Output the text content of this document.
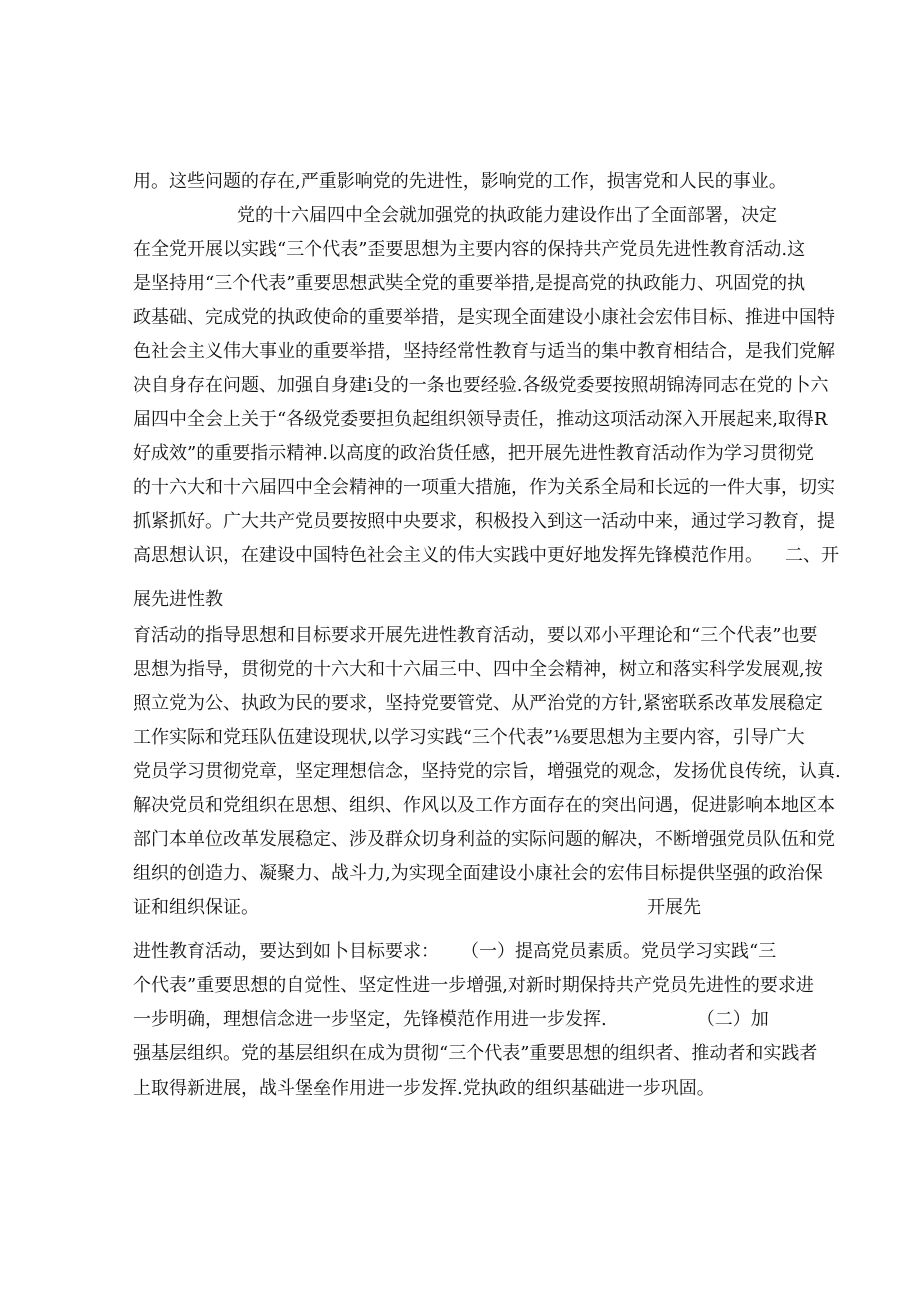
用。这些问题的存在,严重影响党的先进性，影响党的工作，损害党和人民的事业。
党的十六届四中全会就加强党的执政能力建设作出了全面部署，决定
在全党开展以实践“三个代表”歪要思想为主要内容的保持共产党员先进性教育活动.这
是坚持用“三个代表”重要思想武奘全党的重要举措,是提高党的执政能力、巩固党的执
政基础、完成党的执政使命的重要举措，是实现全面建设小康社会宏伟目标、推进中国特
色社会主义伟大事业的重要举措，坚持经常性教育与适当的集中教育相结合，是我们党解
决自身存在问题、加强自身建i殳的一条也要经验.各级党委要按照胡锦涛同志在党的卜六
届四中全会上关于“各级党委要担负起组织领导责任，推动这项活动深入开展起来,取得R
好成效”的重要指示精神.以高度的政治货任感，把开展先进性教育活动作为学习贯彻党
的十六大和十六届四中全会精神的一项重大措施，作为关系全局和长远的一件大事，切实
抓紧抓好。广大共产党员要按照中央要求，积极投入到这一活动中来，通过学习教育，提
高思想认识，在建设中国特色社会主义的伟大实践中更好地发挥先锋模范作用。 二、开
展先进性教
育活动的指导思想和目标要求开展先进性教育活动，要以邓小平理论和“三个代表”也要
思想为指导，贯彻党的十六大和十六届三中、四中全会精神，树立和落实科学发展观,按
照立党为公、执政为民的要求，坚持党要管党、从严治党的方针,紧密联系改革发展稳定
工作实际和党珏队伍建设现状,以学习实践“三个代表”⅛要思想为主要内容，引导广大
党员学习贯彻党章，坚定理想信念，坚持党的宗旨，增强党的观念，发扬优良传统，认真.
解决党员和党组织在思想、组织、作风以及工作方面存在的突出问遇，促进影响本地区本
部门本单位改革发展稳定、涉及群众切身利益的实际问题的解决，不断增强党员队伍和党
组织的创造力、凝聚力、战斗力,为实现全面建设小康社会的宏伟目标提供坚强的政治保
证和组织保证。	开展先
进性教育活动，要达到如卜目标要求： （一）提高党员素质。党员学习实践“三
个代表”重要思想的自觉性、坚定性进一步增强,对新时期保持共产党员先进性的要求进
一步明确，理想信念进一步坚定，先锋模范作用进一步发挥.	（二）加
强基层组织。党的基层组织在成为贯彻“三个代表”重要思想的组织者、推动者和实践者
上取得新进展，战斗堡垒作用进一步发挥.党执政的组织基础进一步巩固。
